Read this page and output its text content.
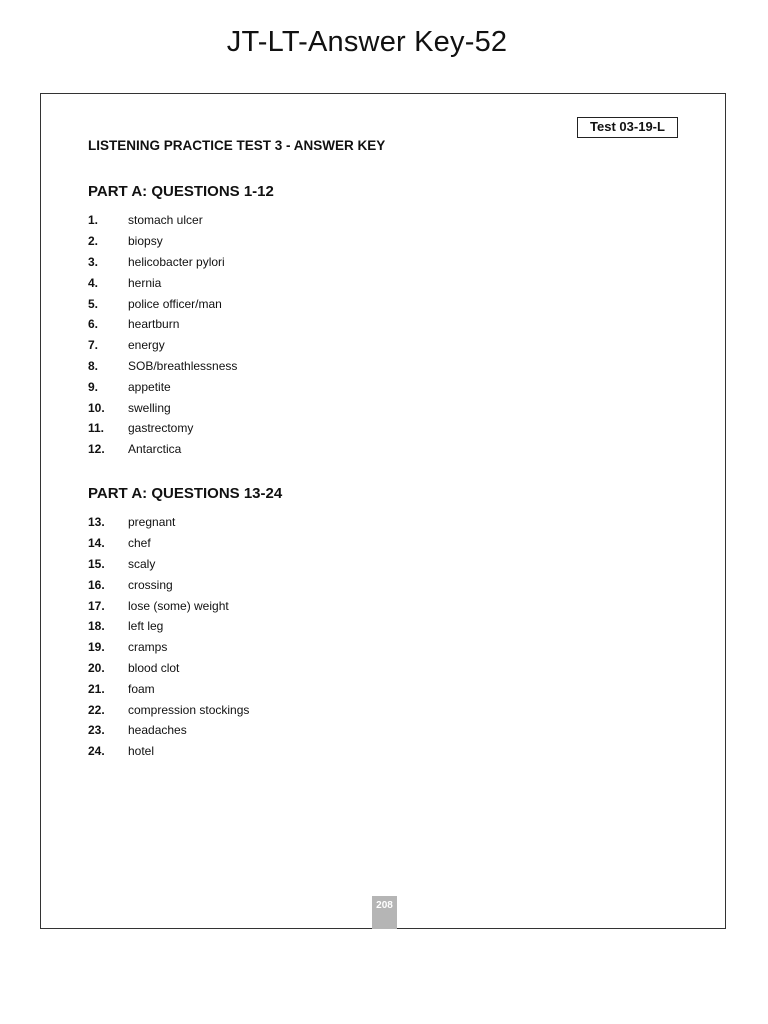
JT-LT-Answer Key-52
Test 03-19-L
LISTENING PRACTICE TEST 3 - ANSWER KEY
PART A: QUESTIONS 1-12
1.	stomach ulcer
2.	biopsy
3.	helicobacter pylori
4.	hernia
5.	police officer/man
6.	heartburn
7.	energy
8.	SOB/breathlessness
9.	appetite
10.	swelling
11.	gastrectomy
12.	Antarctica
PART A: QUESTIONS 13-24
13.	pregnant
14.	chef
15.	scaly
16.	crossing
17.	lose (some) weight
18.	left leg
19.	cramps
20.	blood clot
21.	foam
22.	compression stockings
23.	headaches
24.	hotel
208
